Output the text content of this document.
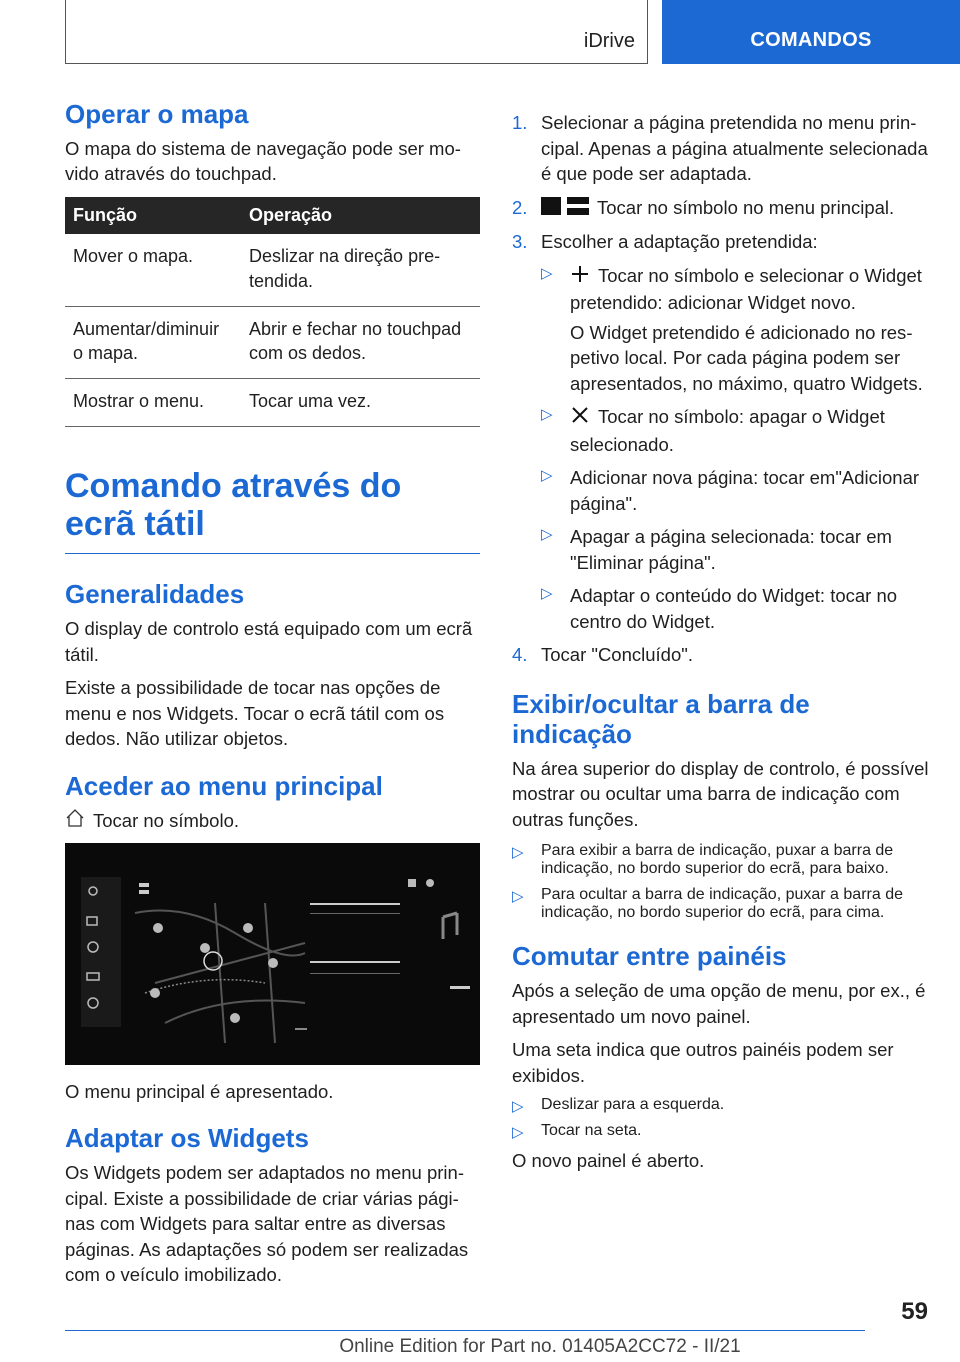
iDrive	COMANDOS
Operar o mapa

O mapa do sistema de navegação pode ser movido através do touchpad.

Função	Operação
Mover o mapa.	Deslizar na direção pretendida.
Aumentar/diminuir o mapa.	Abrir e fechar no touchpad com os dedos.
Mostrar o menu.	Tocar uma vez.
Comando através do ecrã tátil
Generalidades

O display de controlo está equipado com um ecrã tátil.

Existe a possibilidade de tocar nas opções de menu e nos Widgets. Tocar o ecrã tátil com os dedos. Não utilizar objetos.

Aceder ao menu principal

Tocar no símbolo.

O menu principal é apresentado.

Adaptar os Widgets

Os Widgets podem ser adaptados no menu principal. Existe a possibilidade de criar várias páginas com Widgets para saltar entre as diversas páginas. As adaptações só podem ser realizadas com o veículo imobilizado.

1. Selecionar a página pretendida no menu principal. Apenas a página atualmente selecionada é que pode ser adaptada.
2.	Tocar no símbolo no menu principal.
3. Escolher a adaptação pretendida:
▷ Tocar no símbolo e selecionar o Widget pretendido: adicionar Widget novo.

O Widget pretendido é adicionado no respetivo local. Por cada página podem ser apresentados, no máximo, quatro Widgets.

▷ Tocar no símbolo: apagar o Widget selecionado.
▷ Adicionar nova página: tocar em"Adicionar página".
▷ Apagar a página selecionada: tocar em "Eliminar página".
▷ Adaptar o conteúdo do Widget: tocar no centro do Widget.
4. Tocar "Concluído".
Exibir/ocultar a barra de indicação

Na área superior do display de controlo, é possível mostrar ou ocultar uma barra de indicação com outras funções.

▷ Para exibir a barra de indicação, puxar a barra de indicação, no bordo superior do ecrã, para baixo.
▷ Para ocultar a barra de indicação, puxar a barra de indicação, no bordo superior do ecrã, para cima.
Comutar entre painéis

Após a seleção de uma opção de menu, por ex., é apresentado um novo painel.

Uma seta indica que outros painéis podem ser exibidos.

▷ Deslizar para a esquerda.
▷ Tocar na seta.

O novo painel é aberto.

59
Online Edition for Part no. 01405A2CC72 - II/21
